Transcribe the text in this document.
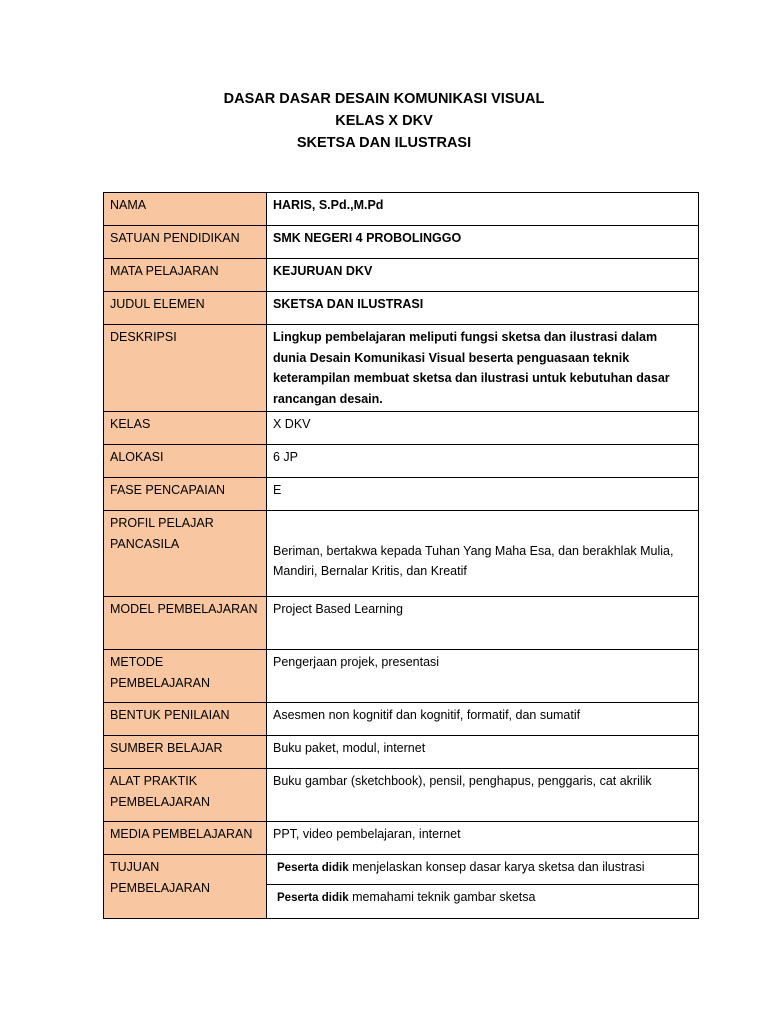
DASAR DASAR DESAIN KOMUNIKASI VISUAL
KELAS X DKV
SKETSA DAN ILUSTRASI
NAMA	HARIS, S.Pd.,M.Pd
SATUAN PENDIDIKAN	SMK NEGERI 4 PROBOLINGGO
MATA PELAJARAN	KEJURUAN DKV
JUDUL ELEMEN	SKETSA DAN ILUSTRASI
DESKRIPSI	Lingkup pembelajaran meliputi fungsi sketsa dan ilustrasi dalam dunia Desain Komunikasi Visual beserta penguasaan teknik keterampilan membuat sketsa dan ilustrasi untuk kebutuhan dasar rancangan desain.
KELAS	X DKV
ALOKASI	6 JP
FASE PENCAPAIAN	E
PROFIL PELAJAR PANCASILA	Beriman, bertakwa kepada Tuhan Yang Maha Esa, dan berakhlak Mulia, Mandiri, Bernalar Kritis, dan Kreatif

MODEL PEMBELAJARAN	Project Based Learning
METODE PEMBELAJARAN	Pengerjaan projek, presentasi
BENTUK PENILAIAN	Asesmen non kognitif dan kognitif, formatif, dan sumatif
SUMBER BELAJAR	Buku paket, modul, internet
ALAT PRAKTIK PEMBELAJARAN	Buku gambar (sketchbook), pensil, penghapus, penggaris, cat akrilik
MEDIA PEMBELAJARAN	PPT, video pembelajaran, internet
TUJUAN PEMBELAJARAN	Peserta didik menjelaskan konsep dasar karya sketsa dan ilustrasi
Peserta didik memahami teknik gambar sketsa
